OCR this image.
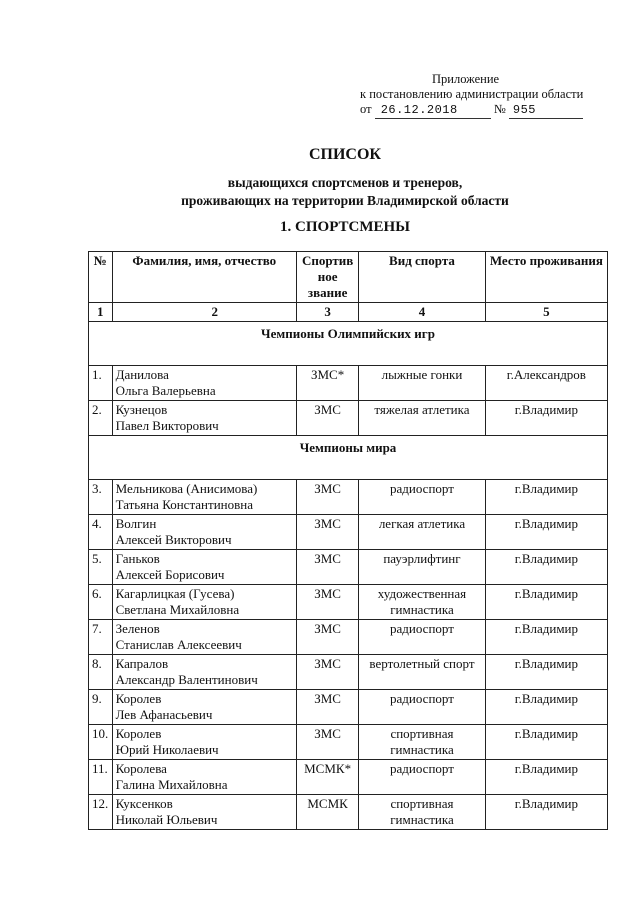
Приложение
к постановлению администрации области
от 26.12.2018	№ 955
СПИСОК
выдающихся спортсменов и тренеров,
проживающих на территории Владимирской области
1. СПОРТСМЕНЫ
№	Фамилия, имя, отчество	Спортив ное звание	Вид спорта	Место проживания
1	2	3	4	5
Чемпионы Олимпийских игр				
1.	Данилова
Ольга Валерьевна	ЗМС*	лыжные гонки	г.Александров
2.	Кузнецов
Павел Викторович	ЗМС	тяжелая атлетика	г.Владимир
Чемпионы мира				
3.	Мельникова (Анисимова)
Татьяна Константиновна	ЗМС	радиоспорт	г.Владимир
4.	Волгин
Алексей Викторович	ЗМС	легкая атлетика	г.Владимир
5.	Ганьков
Алексей Борисович	ЗМС	пауэрлифтинг	г.Владимир
6.	Кагарлицкая (Гусева)
Светлана Михайловна	ЗМС	художественная гимнастика	г.Владимир
7.	Зеленов
Станислав Алексеевич	ЗМС	радиоспорт	г.Владимир
8.	Капралов
Александр Валентинович	ЗМС	вертолетный спорт	г.Владимир
9.	Королев
Лев Афанасьевич	ЗМС	радиоспорт	г.Владимир
10.	Королев
Юрий Николаевич	ЗМС	спортивная гимнастика	г.Владимир
11.	Королева
Галина Михайловна	МСМК*	радиоспорт	г.Владимир
12.	Куксенков
Николай Юльевич	МСМК	спортивная гимнастика	г.Владимир
